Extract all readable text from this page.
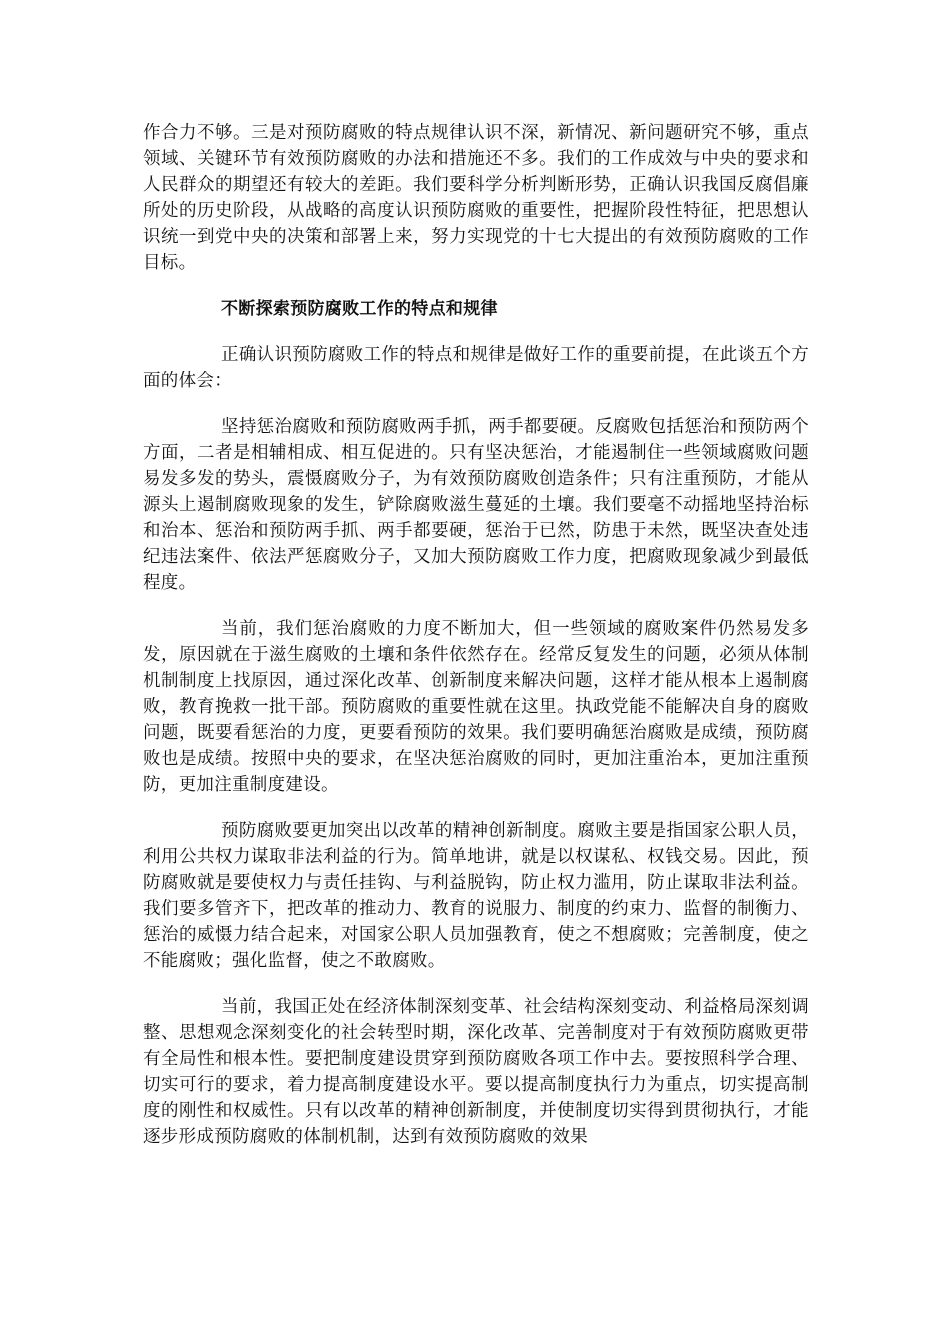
作合力不够。三是对预防腐败的特点规律认识不深，新情况、新问题研究不够，重点领域、关键环节有效预防腐败的办法和措施还不多。我们的工作成效与中央的要求和人民群众的期望还有较大的差距。我们要科学分析判断形势，正确认识我国反腐倡廉所处的历史阶段，从战略的高度认识预防腐败的重要性，把握阶段性特征，把思想认识统一到党中央的决策和部署上来，努力实现党的十七大提出的有效预防腐败的工作目标。

不断探索预防腐败工作的特点和规律

正确认识预防腐败工作的特点和规律是做好工作的重要前提，在此谈五个方面的体会：

坚持惩治腐败和预防腐败两手抓，两手都要硬。反腐败包括惩治和预防两个方面，二者是相辅相成、相互促进的。只有坚决惩治，才能遏制住一些领域腐败问题易发多发的势头，震慑腐败分子，为有效预防腐败创造条件；只有注重预防，才能从源头上遏制腐败现象的发生，铲除腐败滋生蔓延的土壤。我们要毫不动摇地坚持治标和治本、惩治和预防两手抓、两手都要硬，惩治于已然，防患于未然，既坚决查处违纪违法案件、依法严惩腐败分子，又加大预防腐败工作力度，把腐败现象减少到最低程度。

当前，我们惩治腐败的力度不断加大，但一些领域的腐败案件仍然易发多发，原因就在于滋生腐败的土壤和条件依然存在。经常反复发生的问题，必须从体制机制制度上找原因，通过深化改革、创新制度来解决问题，这样才能从根本上遏制腐败，教育挽救一批干部。预防腐败的重要性就在这里。执政党能不能解决自身的腐败问题，既要看惩治的力度，更要看预防的效果。我们要明确惩治腐败是成绩，预防腐败也是成绩。按照中央的要求，在坚决惩治腐败的同时，更加注重治本，更加注重预防，更加注重制度建设。

预防腐败要更加突出以改革的精神创新制度。腐败主要是指国家公职人员，利用公共权力谋取非法利益的行为。简单地讲，就是以权谋私、权钱交易。因此，预防腐败就是要使权力与责任挂钩、与利益脱钩，防止权力滥用，防止谋取非法利益。我们要多管齐下，把改革的推动力、教育的说服力、制度的约束力、监督的制衡力、惩治的威慑力结合起来，对国家公职人员加强教育，使之不想腐败；完善制度，使之不能腐败；强化监督，使之不敢腐败。

当前，我国正处在经济体制深刻变革、社会结构深刻变动、利益格局深刻调整、思想观念深刻变化的社会转型时期，深化改革、完善制度对于有效预防腐败更带有全局性和根本性。要把制度建设贯穿到预防腐败各项工作中去。要按照科学合理、切实可行的要求，着力提高制度建设水平。要以提高制度执行力为重点，切实提高制度的刚性和权威性。只有以改革的精神创新制度，并使制度切实得到贯彻执行，才能逐步形成预防腐败的体制机制，达到有效预防腐败的效果
